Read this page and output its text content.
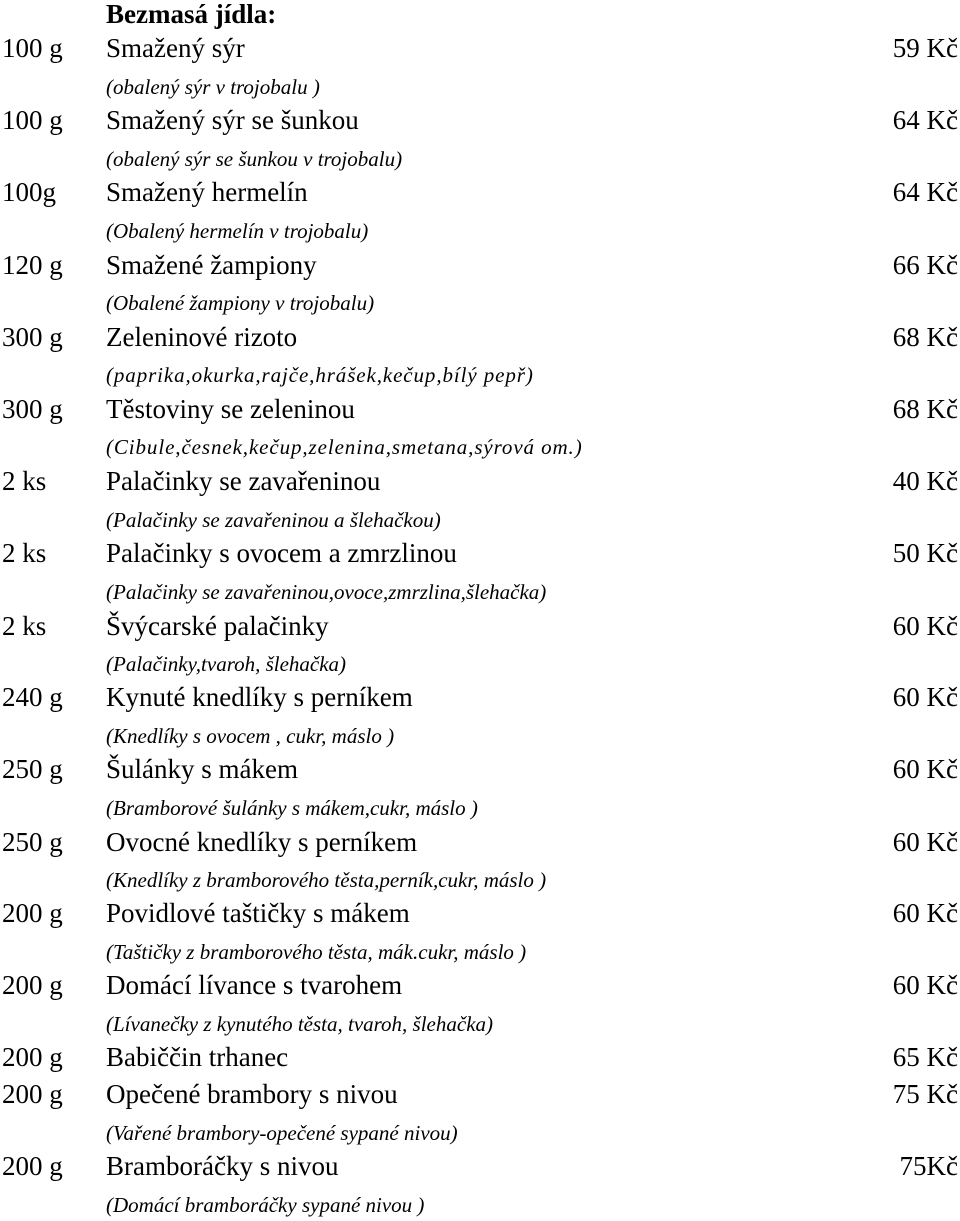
Bezmasá jídla:
100 g Smažený sýr	59 Kč
(obalený sýr v trojobalu )
100 g Smažený sýr se šunkou	64 Kč
(obalený sýr se šunkou v trojobalu)
100g Smažený hermelín	64 Kč
(Obalený hermelín v trojobalu)
120 g Smažené žampiony	66 Kč
(Obalené žampiony v trojobalu)
300 g Zeleninové rizoto	68 Kč
(paprika,okurka,rajče,hrášek,kečup,bílý pepř)
300 g Těstoviny se zeleninou	68 Kč
(Cibule,česnek,kečup,zelenina,smetana,sýrová om.)
2 ks Palačinky se zavařeninou	40 Kč
(Palačinky se zavařeninou a šlehačkou)
2 ks Palačinky s ovocem a zmrzlinou	50 Kč
(Palačinky se zavařeninou,ovoce,zmrzlina,šlehačka)
2 ks Švýcarské palačinky	60 Kč
(Palačinky,tvaroh, šlehačka)
240 g Kynuté knedlíky s perníkem	60 Kč
(Knedlíky s ovocem , cukr, máslo )
250 g Šulánky s mákem	60 Kč
(Bramborové šulánky s mákem,cukr, máslo )
250 g Ovocné knedlíky s perníkem	60 Kč
(Knedlíky z bramborového těsta,perník,cukr, máslo )
200 g Povidlové taštičky s mákem	60 Kč
(Taštičky z bramborového těsta, mák.cukr, máslo )
200 g Domácí lívance s tvarohem	60 Kč
(Lívanečky z kynutého těsta, tvaroh, šlehačka)
200 g Babiččin trhanec	65 Kč
200 g Opečené brambory s nivou	75 Kč
(Vařené brambory-opečené sypané nivou)
200 g Bramboráčky s nivou	75Kč
(Domácí bramboráčky sypané nivou )
